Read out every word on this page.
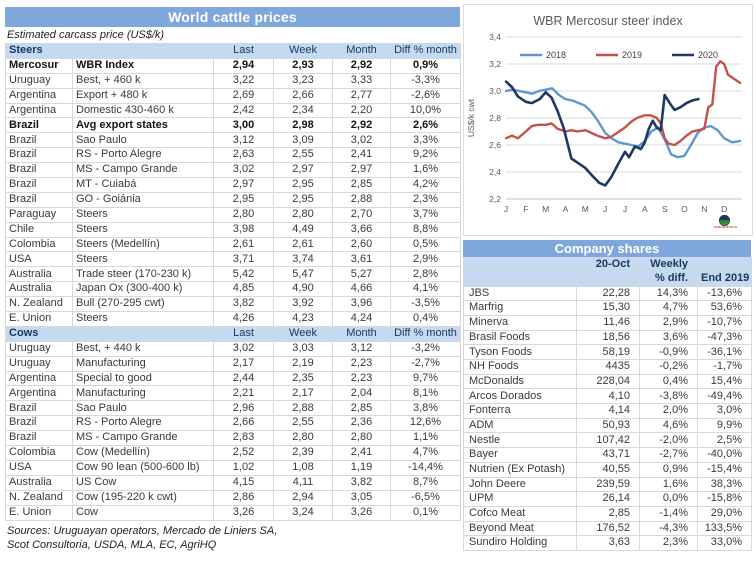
World cattle prices
Estimated carcass price (US$/k)
Steers		Last	Week	Month	Diff % month
Mercosur	WBR Index	2,94	2,93	2,92	0,9%
Uruguay	Best, + 460 k	3,22	3,23	3,33	-3,3%
Argentina	Export + 480 k	2,69	2,66	2,77	-2,6%
Argentina	Domestic 430-460 k	2,42	2,34	2,20	10,0%
Brazil	Avg export states	3,00	2,98	2,92	2,6%
Brazil	Sao Paulo	3,12	3,09	3,02	3,3%
Brazil	RS - Porto Alegre	2,63	2,55	2,41	9,2%
Brazil	MS - Campo Grande	3,02	2,97	2,97	1,6%
Brazil	MT - Cuiabá	2,97	2,95	2,85	4,2%
Brazil	GO - Goiánia	2,95	2,95	2,88	2,3%
Paraguay	Steers	2,80	2,80	2,70	3,7%
Chile	Steers	3,98	4,49	3,66	8,8%
Colombia	Steers (Medellín)	2,61	2,61	2,60	0,5%
USA	Steers	3,71	3,74	3,61	2,9%
Australia	Trade steer (170-230 k)	5,42	5,47	5,27	2,8%
Australia	Japan Ox (300-400 k)	4,85	4,90	4,66	4,1%
N. Zealand	Bull (270-295 cwt)	3,82	3,92	3,96	-3,5%
E. Union	Steers	4,26	4,23	4,24	0,4%
Cows		Last	Week	Month	Diff % month
Uruguay	Best, + 440 k	3,02	3,03	3,12	-3,2%
Uruguay	Manufacturing	2,17	2,19	2,23	-2,7%
Argentina	Special to good	2,44	2,35	2,23	9,7%
Argentina	Manufacturing	2,21	2,17	2,04	8,1%
Brazil	Sao Paulo	2,96	2,88	2,85	3,8%
Brazil	RS - Porto Alegre	2,66	2,55	2,36	12,6%
Brazil	MS - Campo Grande	2,83	2,80	2,80	1,1%
Colombia	Cow (Medellín)	2,52	2,39	2,41	4,7%
USA	Cow 90 lean (500-600 lb)	1,02	1,08	1,19	-14,4%
Australia	US Cow	4,15	4,11	3,82	8,7%
N. Zealand	Cow (195-220 k cwt)	2,86	2,94	3,05	-6,5%
E. Union	Cow	3,26	3,24	3,26	0,1%
Sources: Uruguayan operators, Mercado de Liniers SA,
Scot Consultoria, USDA, MLA, EC, AgriHQ
WBR Mercosur steer index
2,2
2,4
2,6
2,8
3,0
3,2
3,4
J F M A M J J A S O N D
US$/k cwt
2018	2019	2020
TARDAGUILA
Company shares
	20-Oct	Weekly	
		% diff.	End 2019
JBS	22,28	14,3%	-13,6%
Marfrig	15,30	4,7%	53,6%
Minerva	11,46	2,9%	-10,7%
Brasil Foods	18,56	3,6%	-47,3%
Tyson Foods	58,19	-0,9%	-36,1%
NH Foods	4435	-0,2%	-1,7%
McDonalds	228,04	0,4%	15,4%
Arcos Dorados	4,10	-3,8%	-49,4%
Fonterra	4,14	2,0%	3,0%
ADM	50,93	4,6%	9,9%
Nestle	107,42	-2,0%	2,5%
Bayer	43,71	-2,7%	-40,0%
Nutrien (Ex Potash)	40,55	0,9%	-15,4%
John Deere	239,59	1,6%	38,3%
UPM	26,14	0,0%	-15,8%
Cofco Meat	2,85	-1,4%	29,0%
Beyond Meat	176,52	-4,3%	133,5%
Sundiro Holding	3,63	2,3%	33,0%
